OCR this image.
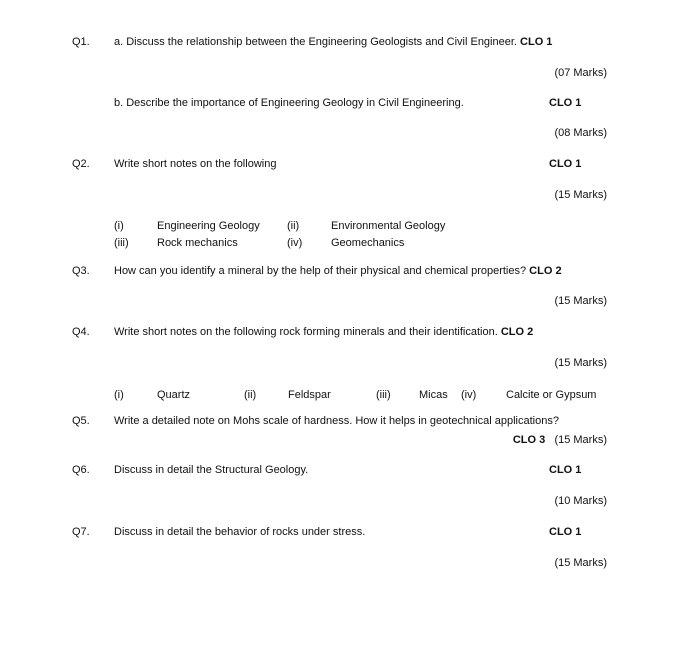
Q1. a. Discuss the relationship between the Engineering Geologists and Civil Engineer. CLO 1
(07 Marks)
b. Describe the importance of Engineering Geology in Civil Engineering.	CLO 1
(08 Marks)
Q2. Write short notes on the following	CLO 1
(15 Marks)
(i)	Engineering Geology (ii)	Environmental Geology
(iii)	Rock mechanics	(iv)	Geomechanics
Q3. How can you identify a mineral by the help of their physical and chemical properties? CLO 2
(15 Marks)
Q4. Write short notes on the following rock forming minerals and their identification. CLO 2
(15 Marks)
(i)	Quartz	(ii)	Feldspar	(iii)	Micas (iv)	Calcite or Gypsum
Q5. Write a detailed note on Mohs scale of hardness. How it helps in geotechnical applications?
CLO 3 (15 Marks)
Q6. Discuss in detail the Structural Geology.	CLO 1
(10 Marks)
Q7. Discuss in detail the behavior of rocks under stress.	CLO 1
(15 Marks)
